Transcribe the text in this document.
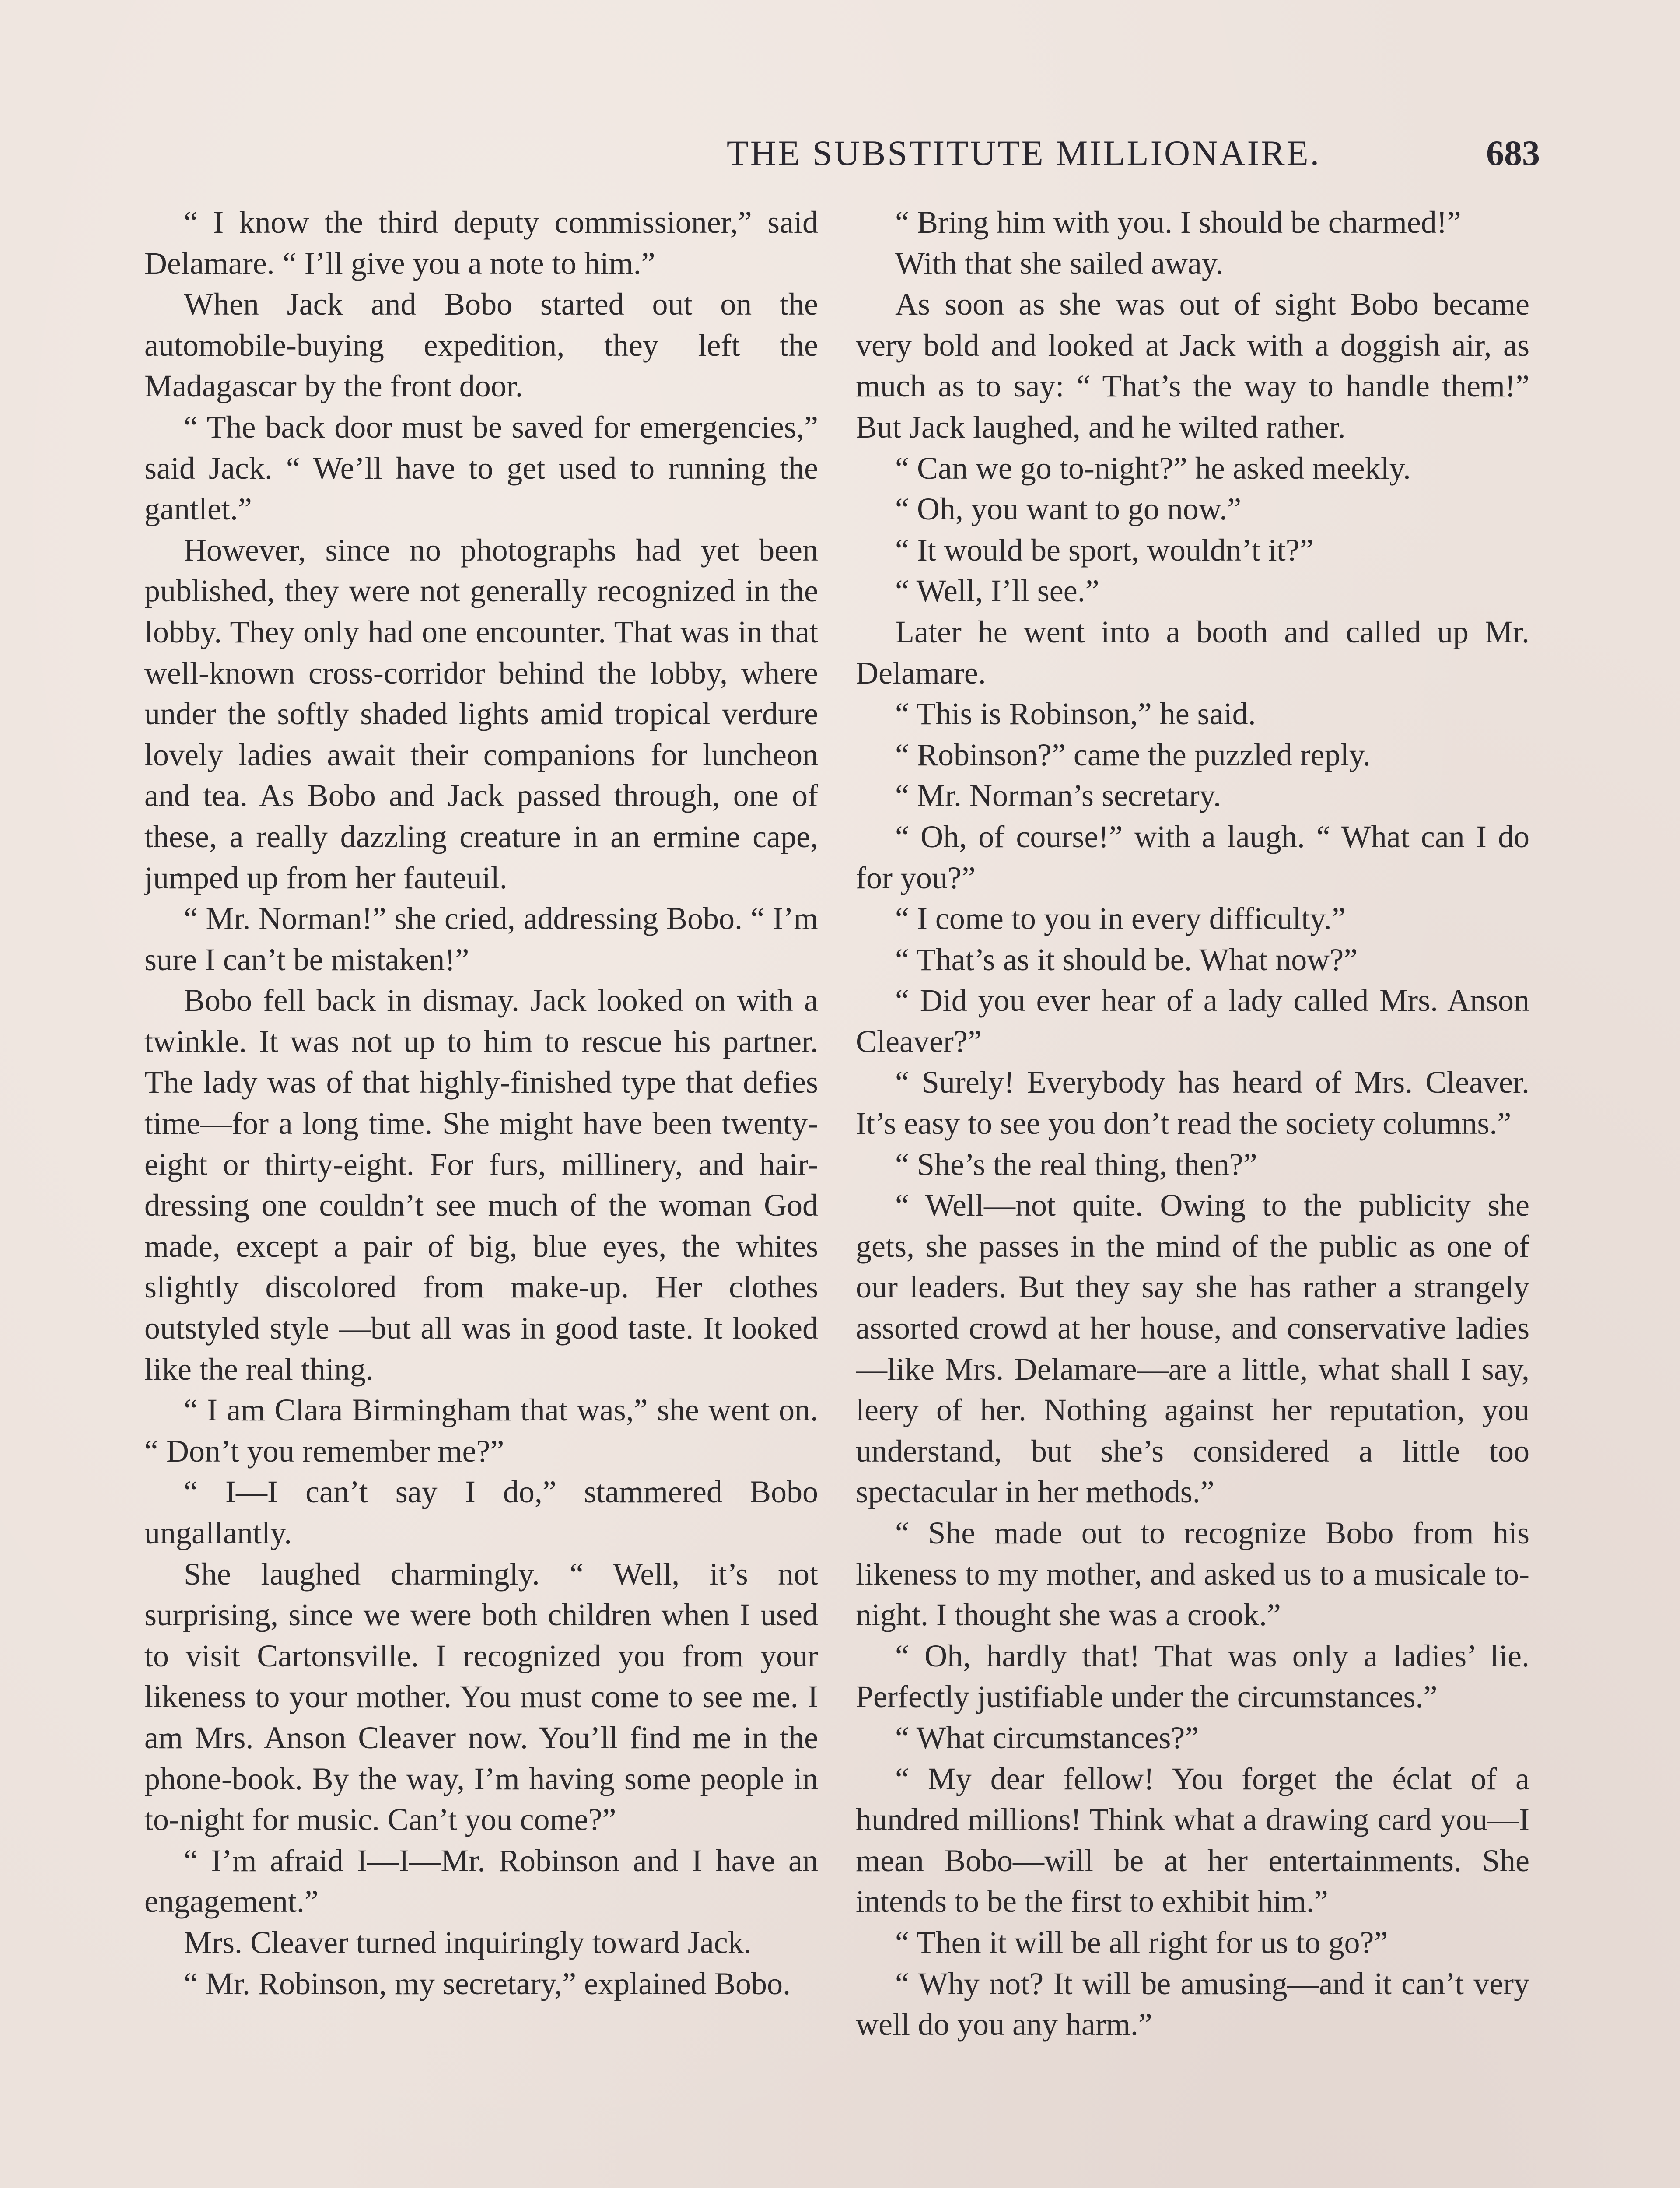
THE SUBSTITUTE MILLIONAIRE.	683

“ I know the third deputy commissioner,” said Delamare. “ I’ll give you a note to him.”

When Jack and Bobo started out on the automobile-buying expedition, they left the Madagascar by the front door.

“ The back door must be saved for emergencies,” said Jack. “ We’ll have to get used to running the gantlet.”

However, since no photographs had yet been published, they were not generally recognized in the lobby. They only had one encounter. That was in that well-known cross-corridor behind the lobby, where under the softly shaded lights amid tropical verdure lovely ladies await their companions for luncheon and tea. As Bobo and Jack passed through, one of these, a really dazzling creature in an ermine cape, jumped up from her fauteuil.

“ Mr. Norman!” she cried, addressing Bobo. “ I’m sure I can’t be mistaken!”

Bobo fell back in dismay. Jack looked on with a twinkle. It was not up to him to rescue his partner. The lady was of that highly-finished type that defies time—for a long time. She might have been twenty-eight or thirty-eight. For furs, millinery, and hair-dressing one couldn’t see much of the woman God made, except a pair of big, blue eyes, the whites slightly discolored from make-up. Her clothes outstyled style —but all was in good taste. It looked like the real thing.

“ I am Clara Birmingham that was,” she went on. “ Don’t you remember me?”

“ I—I can’t say I do,” stammered Bobo ungallantly.

She laughed charmingly. “ Well, it’s not surprising, since we were both children when I used to visit Cartonsville. I recognized you from your likeness to your mother. You must come to see me. I am Mrs. Anson Cleaver now. You’ll find me in the phone-book. By the way, I’m having some people in to-night for music. Can’t you come?”

“ I’m afraid I—I—Mr. Robinson and I have an engagement.”

Mrs. Cleaver turned inquiringly toward Jack.

“ Mr. Robinson, my secretary,” explained Bobo.

“ Bring him with you. I should be charmed!”

With that she sailed away.

As soon as she was out of sight Bobo became very bold and looked at Jack with a doggish air, as much as to say: “ That’s the way to handle them!” But Jack laughed, and he wilted rather.

“ Can we go to-night?” he asked meekly.

“ Oh, you want to go now.”

“ It would be sport, wouldn’t it?”

“ Well, I’ll see.”

Later he went into a booth and called up Mr. Delamare.

“ This is Robinson,” he said.

“ Robinson?” came the puzzled reply.

“ Mr. Norman’s secretary.

“ Oh, of course!” with a laugh. “ What can I do for you?”

“ I come to you in every difficulty.”

“ That’s as it should be. What now?”

“ Did you ever hear of a lady called Mrs. Anson Cleaver?”

“ Surely! Everybody has heard of Mrs. Cleaver. It’s easy to see you don’t read the society columns.”

“ She’s the real thing, then?”

“ Well—not quite. Owing to the publicity she gets, she passes in the mind of the public as one of our leaders. But they say she has rather a strangely assorted crowd at her house, and conservative ladies—like Mrs. Delamare—are a little, what shall I say, leery of her. Nothing against her reputation, you understand, but she’s considered a little too spectacular in her methods.”

“ She made out to recognize Bobo from his likeness to my mother, and asked us to a musicale to-night. I thought she was a crook.”

“ Oh, hardly that! That was only a ladies’ lie. Perfectly justifiable under the circumstances.”

“ What circumstances?”

“ My dear fellow! You forget the éclat of a hundred millions! Think what a drawing card you—I mean Bobo—will be at her entertainments. She intends to be the first to exhibit him.”

“ Then it will be all right for us to go?”

“ Why not? It will be amusing—and it can’t very well do you any harm.”
